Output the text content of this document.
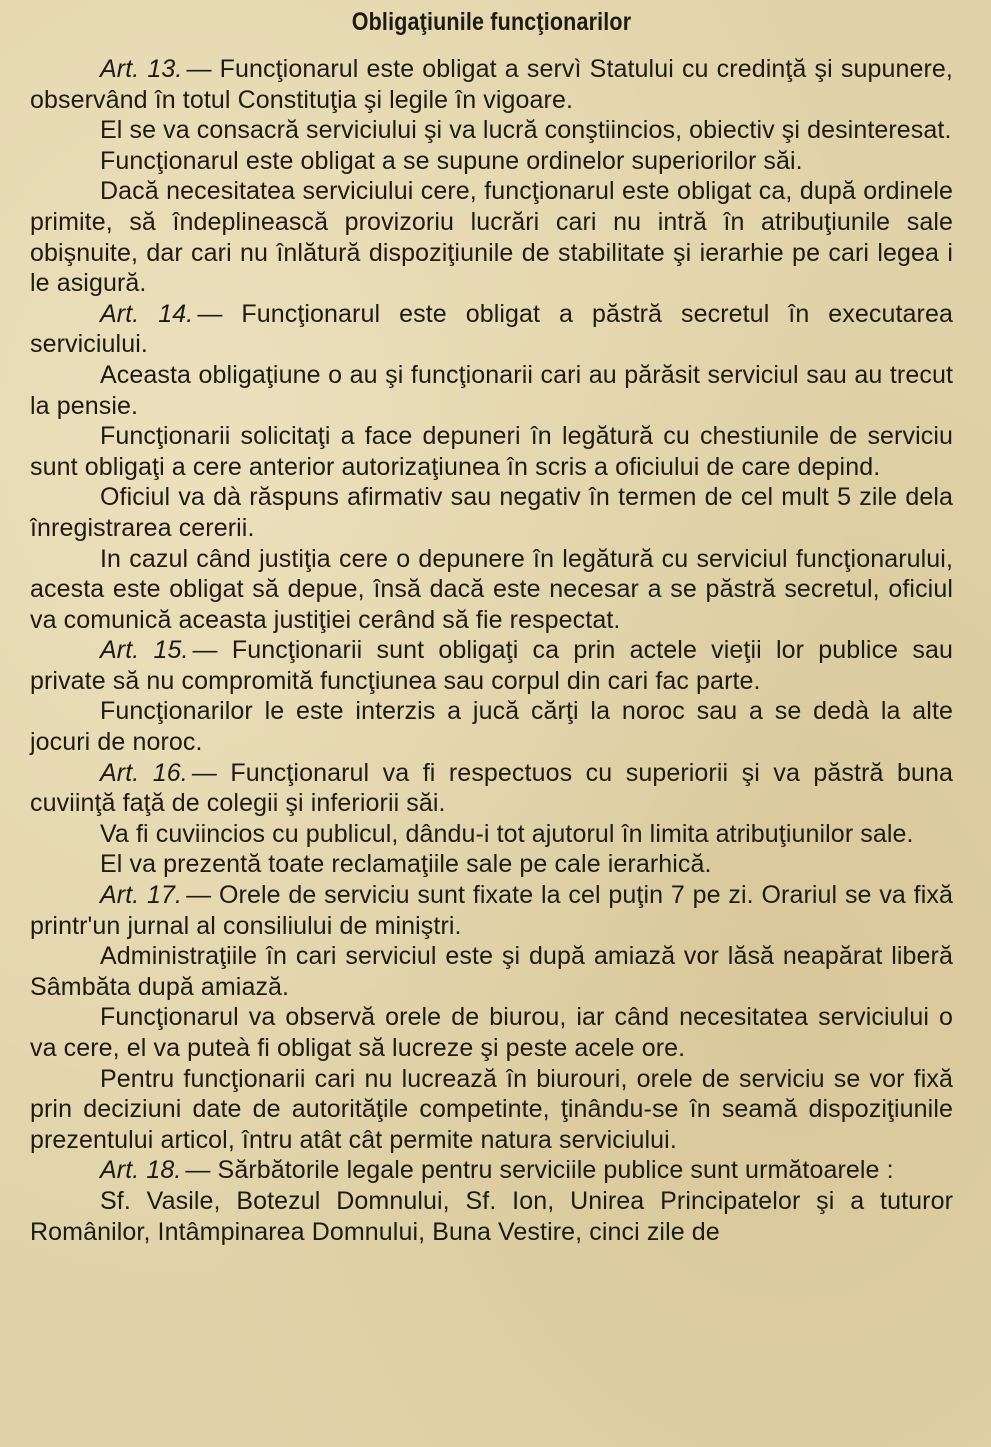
Obligaţiunile funcţionarilor

Art. 13. — Funcţionarul este obligat a servì Statului cu credinţă şi supunere, observând în totul Constituţia şi legile în vigoare.

El se va consacră serviciului şi va lucră conştiincios, obiectiv şi desinteresat.

Funcţionarul este obligat a se supune ordinelor superiorilor săi.

Dacă necesitatea serviciului cere, funcţionarul este obligat ca, după ordinele primite, să îndeplinească provizoriu lucrări cari nu intră în atribuţiunile sale obişnuite, dar cari nu înlătură dispoziţiunile de stabilitate şi ierarhie pe cari legea i le asigură.

Art. 14. — Funcţionarul este obligat a păstră secretul în executarea serviciului.

Aceasta obligaţiune o au şi funcţionarii cari au părăsit serviciul sau au trecut la pensie.

Funcţionarii solicitaţi a face depuneri în legătură cu chestiunile de serviciu sunt obligaţi a cere anterior autorizaţiunea în scris a oficiului de care depind.

Oficiul va dà răspuns afirmativ sau negativ în termen de cel mult 5 zile dela înregistrarea cererii.

In cazul când justiţia cere o depunere în legătură cu serviciul funcţionarului, acesta este obligat să depue, însă dacă este necesar a se păstră secretul, oficiul va comunică aceasta justiţiei cerând să fie respectat.

Art. 15. — Funcţionarii sunt obligaţi ca prin actele vieţii lor publice sau private să nu compromită funcţiunea sau corpul din cari fac parte.

Funcţionarilor le este interzis a jucă cărţi la noroc sau a se dedà la alte jocuri de noroc.

Art. 16. — Funcţionarul va fi respectuos cu superiorii şi va păstră buna cuviinţă faţă de colegii şi inferiorii săi.

Va fi cuviincios cu publicul, dându-i tot ajutorul în limita atribuţiunilor sale.

El va prezentă toate reclamaţiile sale pe cale ierarhică.

Art. 17. — Orele de serviciu sunt fixate la cel puţin 7 pe zi. Orariul se va fixă printr'un jurnal al consiliului de miniştri.

Administraţiile în cari serviciul este şi după amiază vor lăsă neapărat liberă Sâmbăta după amiază.

Funcţionarul va observă orele de biurou, iar când necesitatea serviciului o va cere, el va puteà fi obligat să lucreze şi peste acele ore.

Pentru funcţionarii cari nu lucrează în biurouri, orele de serviciu se vor fixă prin deciziuni date de autorităţile competinte, ţinându-se în seamă dispoziţiunile prezentului articol, întru atât cât permite natura serviciului.

Art. 18. — Sărbătorile legale pentru serviciile publice sunt următoarele :

Sf. Vasile, Botezul Domnului, Sf. Ion, Unirea Principatelor şi a tuturor Românilor, Intâmpinarea Domnului, Buna Vestire, cinci zile de
